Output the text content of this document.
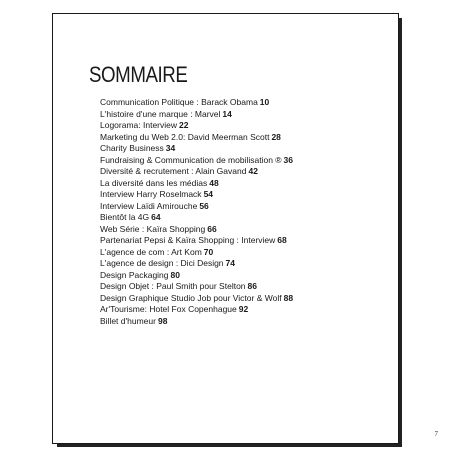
SOMMAIRE
Communication Politique : Barack Obama 10
L'histoire d'une marque : Marvel 14
Logorama: Interview 22
Marketing du Web 2.0: David Meerman Scott 28
Charity Business 34
Fundraising & Communication de mobilisation ® 36
Diversité & recrutement : Alain Gavand 42
La diversité dans les médias 48
Interview Harry Roselmack 54
Interview Laïdi Amirouche 56
Bientôt la 4G 64
Web Série : Kaïra Shopping 66
Partenariat Pepsi & Kaïra Shopping : Interview 68
L'agence de com : Art Kom 70
L'agence de design : Dici Design 74
Design Packaging 80
Design Objet : Paul Smith pour Stelton 86
Design Graphique Studio Job pour Victor & Wolf 88
Ar'Tourisme: Hotel Fox Copenhague 92
Billet d'humeur 98
7
